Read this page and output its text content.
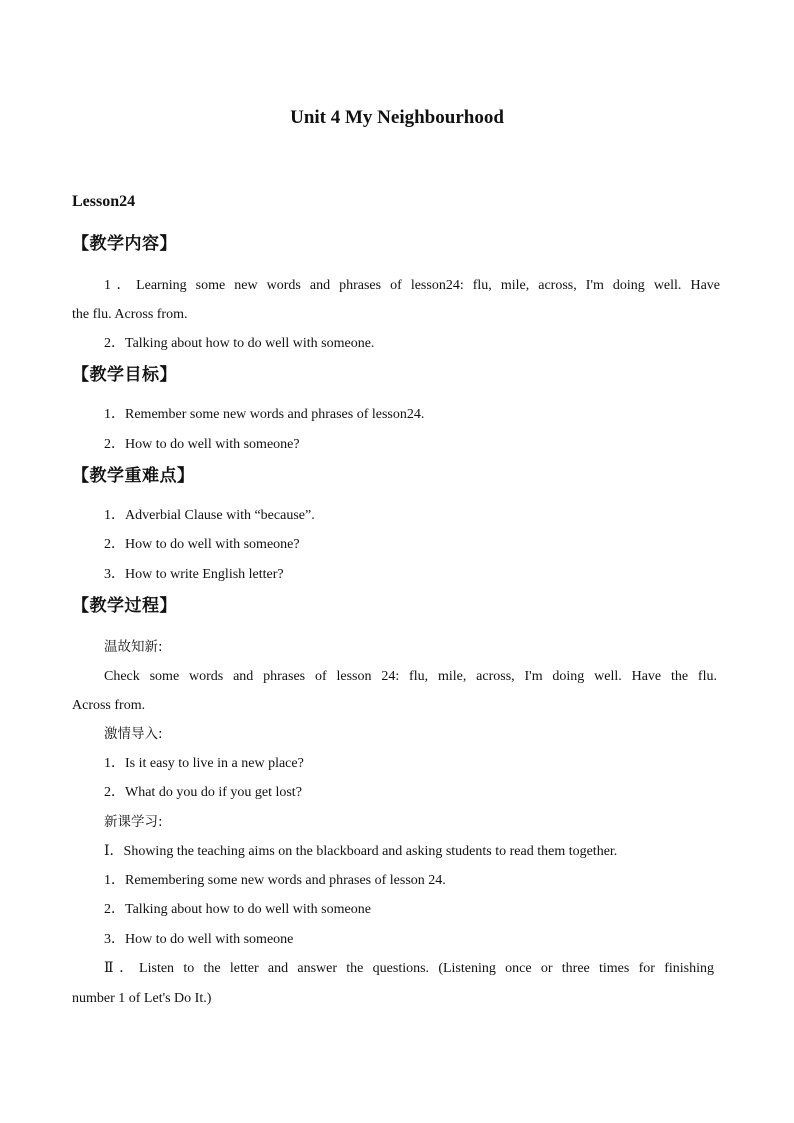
Unit 4 My Neighbourhood
Lesson24
【教学内容】
1．Learning some new words and phrases of lesson24: flu, mile, across, I'm doing well. Have
the flu. Across from.
2．Talking about how to do well with someone.
【教学目标】
1．Remember some new words and phrases of lesson24.
2．How to do well with someone?
【教学重难点】
1．Adverbial Clause with “because”.
2．How to do well with someone?
3．How to write English letter?
【教学过程】
温故知新:
Check some words and phrases of lesson 24: flu, mile, across, I'm doing well. Have the flu.
Across from.
激情导入:
1．Is it easy to live in a new place?
2．What do you do if you get lost?
新课学习:
Ⅰ．Showing the teaching aims on the blackboard and asking students to read them together.
1．Remembering some new words and phrases of lesson 24.
2．Talking about how to do well with someone
3．How to do well with someone
Ⅱ．Listen to the letter and answer the questions. (Listening once or three times for finishing
number 1 of Let's Do It.)
